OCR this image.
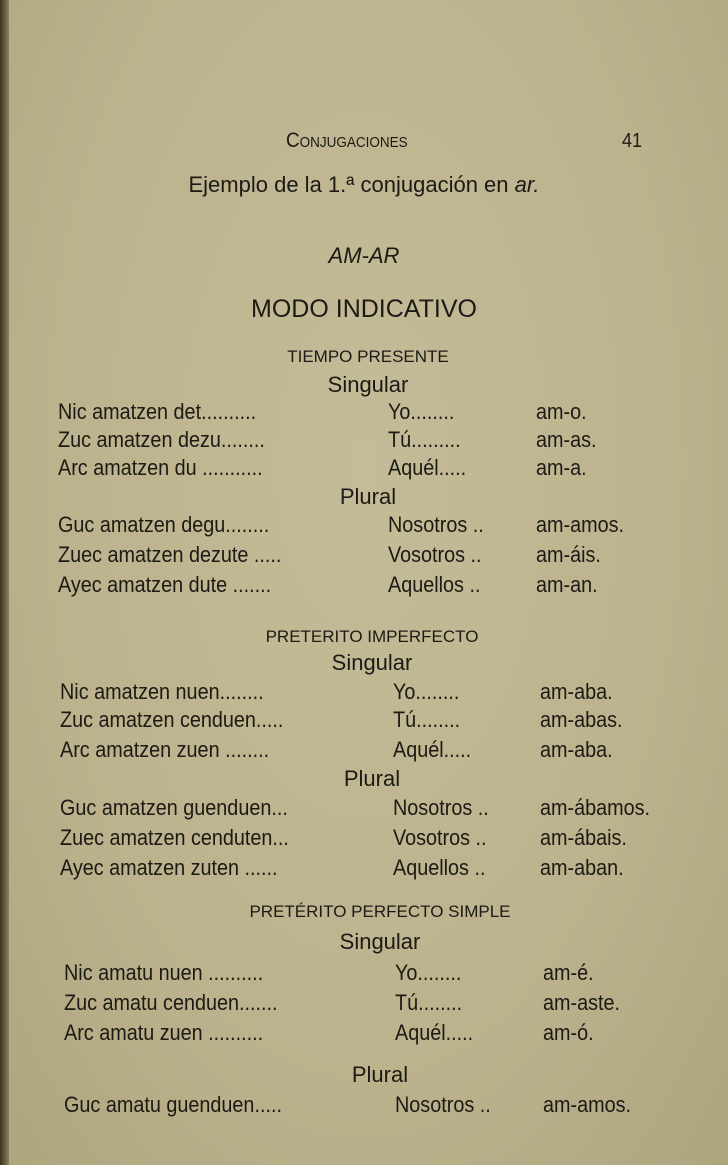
Conjugaciones	41
Ejemplo de la 1.ª conjugación en ar.
AM-AR
MODO INDICATIVO
TIEMPO PRESENTE
Singular
Nic amatzen det..........	Yo........	am-o.
Zuc amatzen dezu........	Tú.........	am-as.
Arc amatzen du ...........	Aquél.....	am-a.
Plural
Guc amatzen degu........	Nosotros .. am-amos.
Zuec amatzen dezute .....	Vosotros .. am-áis.
Ayec amatzen dute .......	Aquellos ..	am-an.
PRETERITO IMPERFECTO
Singular
Nic amatzen nuen........	Yo........	am-aba.
Zuc amatzen cenduen.....	Tú........	am-abas.
Arc amatzen zuen ........	Aquél.....	am-aba.
Plural
Guc amatzen guenduen...	Nosotros .. am-ábamos.
Zuec amatzen cenduten...	Vosotros .. am-ábais.
Ayec amatzen zuten ......	Aquellos .. am-aban.
PRETÉRITO PERFECTO SIMPLE
Singular
Nic amatu nuen ..........	Yo........	am-é.
Zuc amatu cenduen.......	Tú........	am-aste.
Arc amatu zuen ..........	Aquél.....	am-ó.
Plural
Guc amatu guenduen.....	Nosotros .. am-amos.
